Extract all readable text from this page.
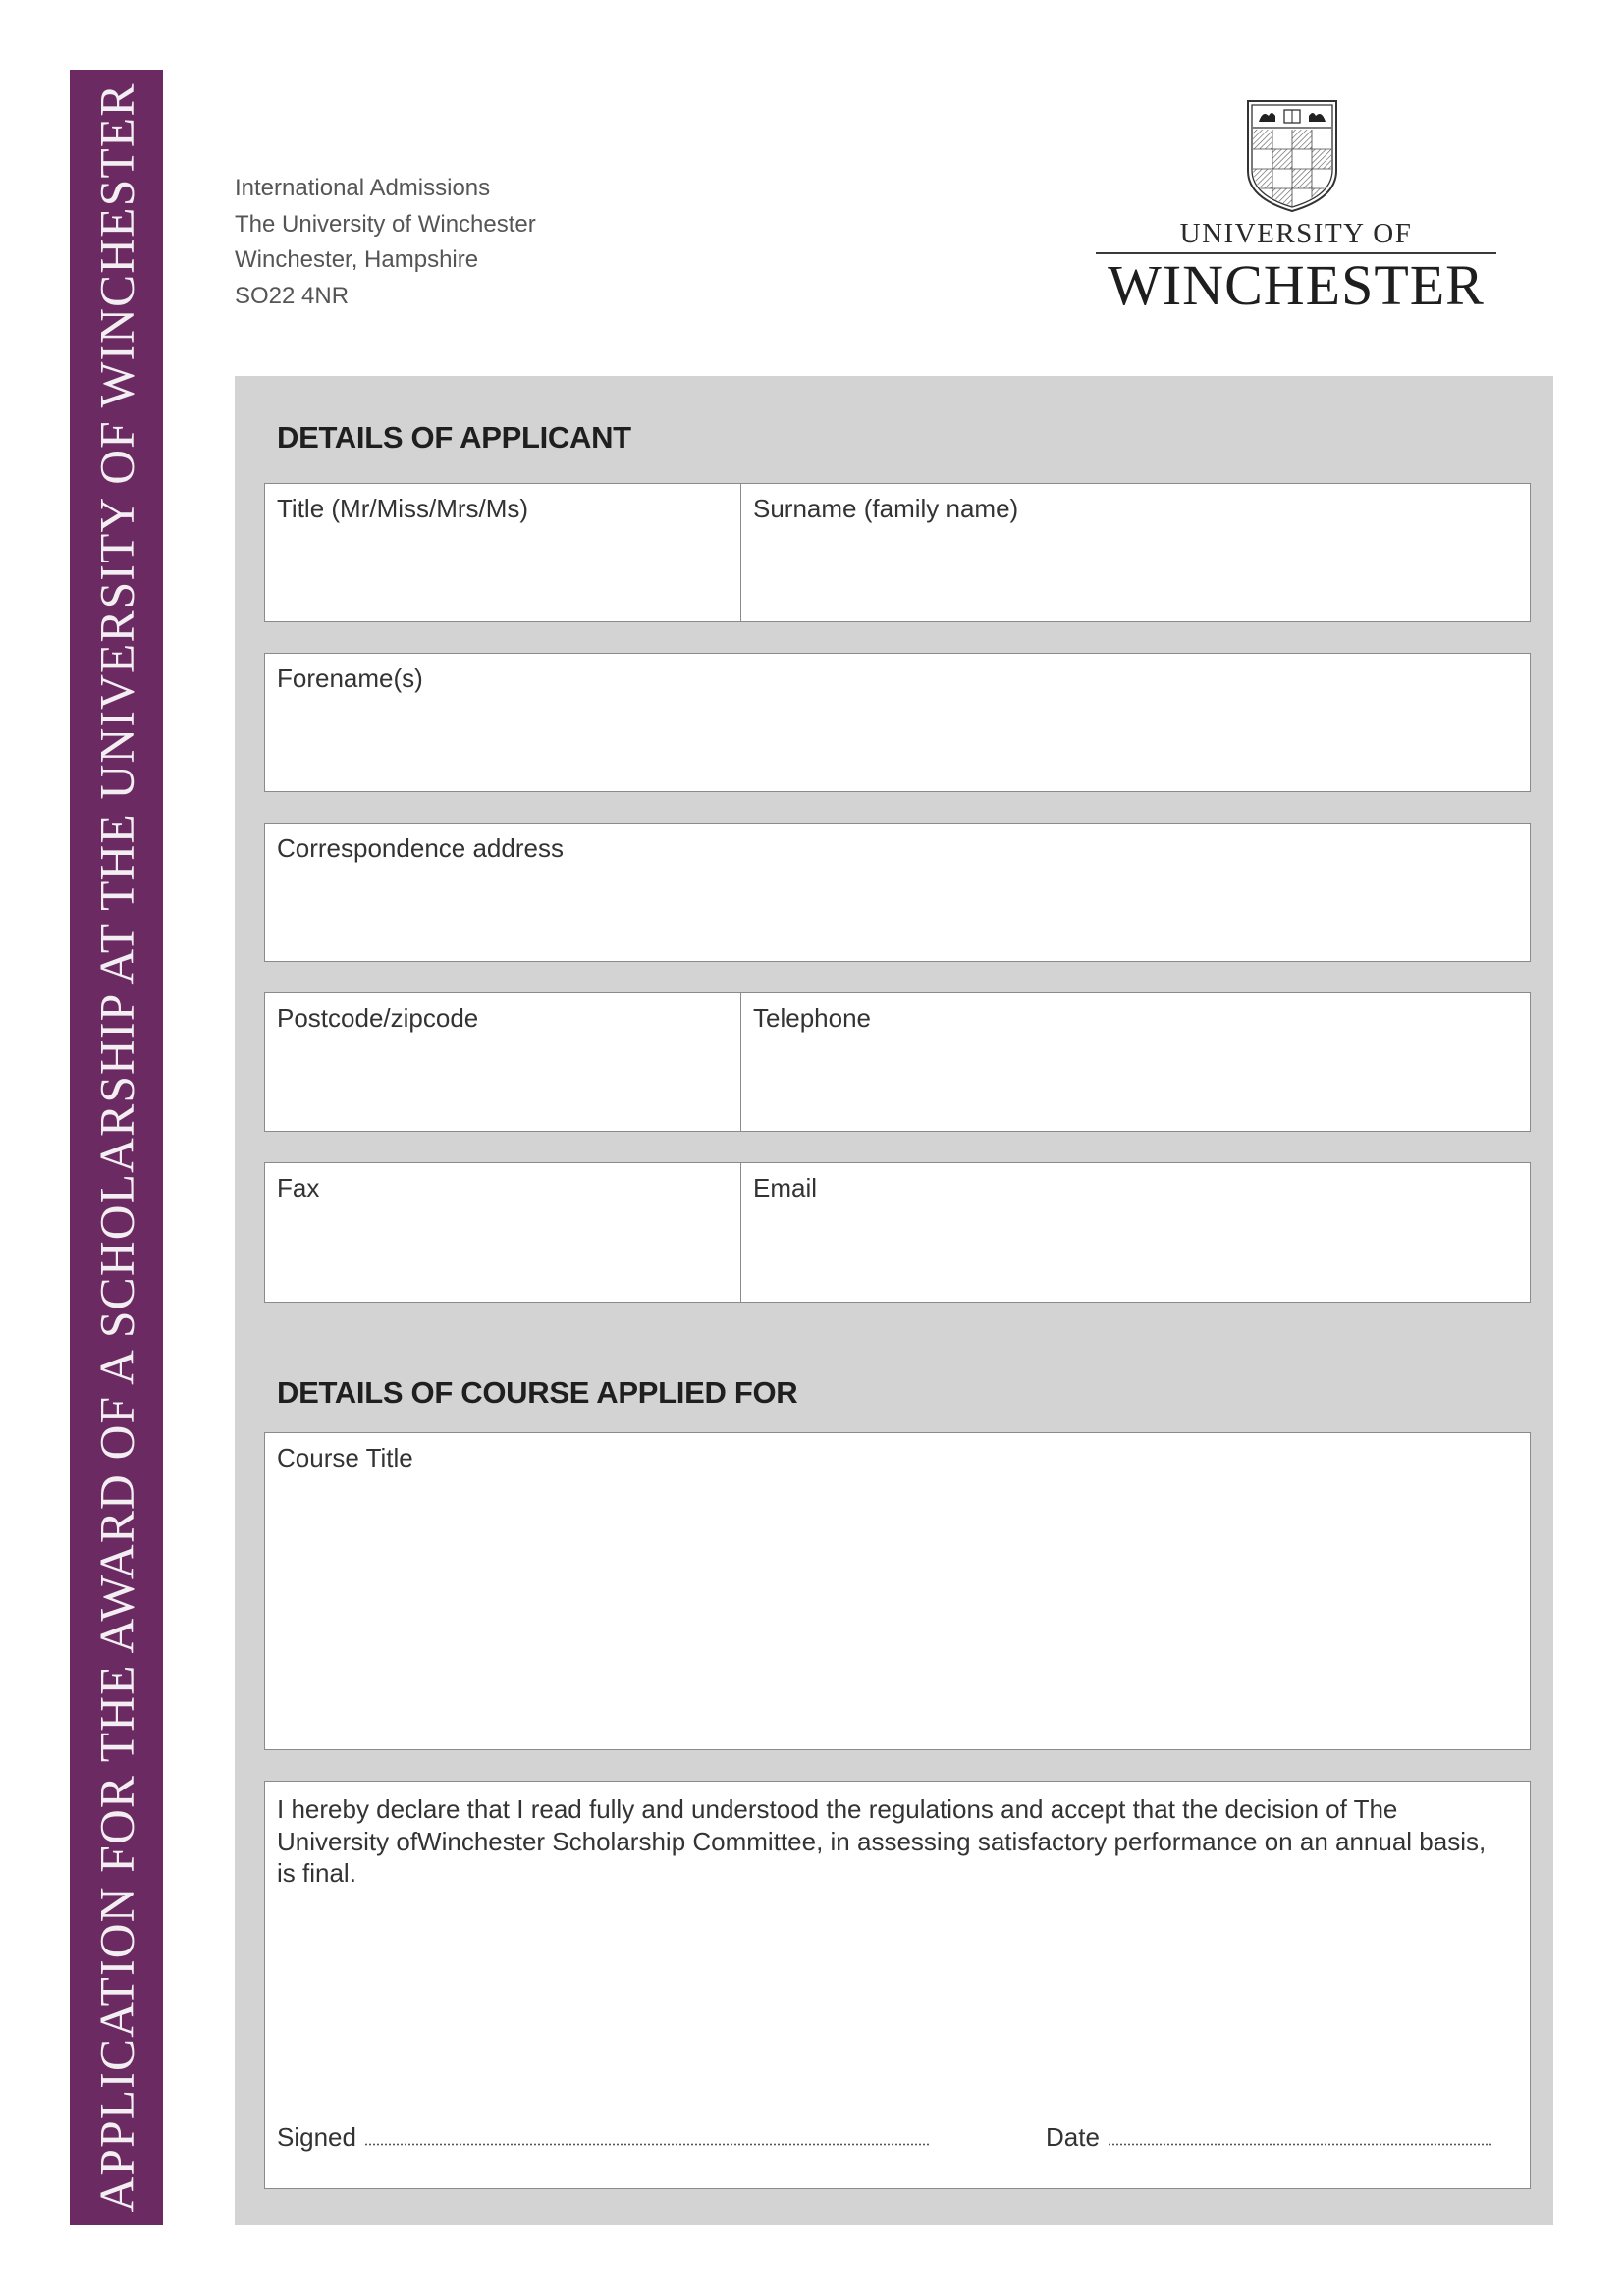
APPLICATION FOR THE AWARD OF A SCHOLARSHIP AT THE UNIVERSITY OF WINCHESTER	International Admissions
The University of Winchester
Winchester, Hampshire
SO22 4NR
UNIVERSITY OF
WINCHESTER
DETAILS OF APPLICANT
Title (Mr/Miss/Mrs/Ms)	Surname (family name)
Forename(s)
Correspondence address
Postcode/zipcode	Telephone
Fax	Email
DETAILS OF COURSE APPLIED FOR
Course Title
I hereby declare that I read fully and understood the regulations and accept that the decision of The University ofWinchester Scholarship Committee, in assessing satisfactory performance on an annual basis, is final.
Signed	Date
